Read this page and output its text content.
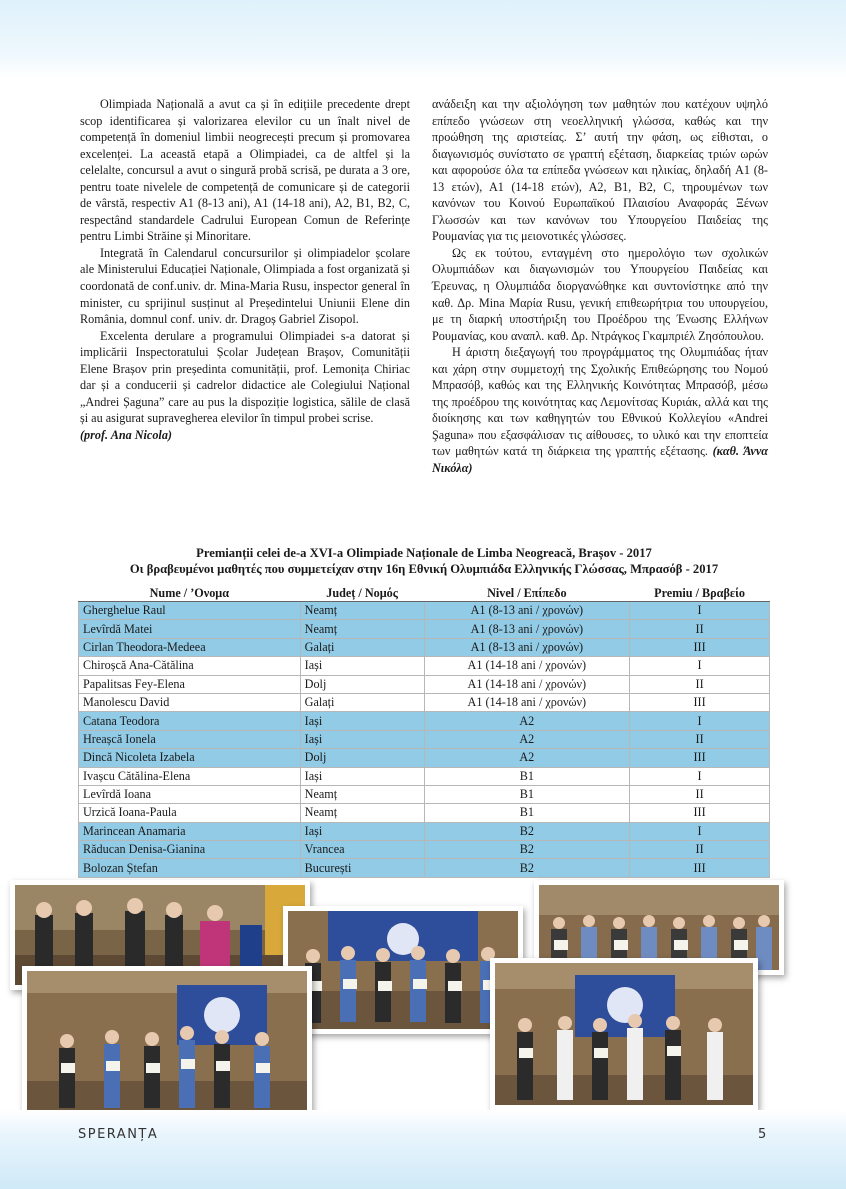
Olimpiada Națională a avut ca și în edițiile precedente drept scop identificarea și valorizarea elevilor cu un înalt nivel de competență în domeniul limbii neogrecești precum și promovarea excelenței. La această etapă a Olimpiadei, ca de altfel și la celelalte, concursul a avut o singură probă scrisă, pe durata a 3 ore, pentru toate nivelele de competență de comunicare și de categorii de vârstă, respectiv A1 (8-13 ani), A1 (14-18 ani), A2, B1, B2, C, respectând standardele Cadrului European Comun de Referințe pentru Limbi Străine și Minoritare.

Integrată în Calendarul concursurilor și olimpiadelor școlare ale Ministerului Educației Naționale, Olimpiada a fost organizată și coordonată de conf.univ. dr. Mina-Maria Rusu, inspector general în minister, cu sprijinul susținut al Președintelui Uniunii Elene din România, domnul conf. univ. dr. Dragoș Gabriel Zisopol.

Excelenta derulare a programului Olimpiadei s-a datorat și implicării Inspectoratului Școlar Județean Brașov, Comunității Elene Brașov prin președinta comunității, prof. Lemonița Chiriac dar și a conducerii și cadrelor didactice ale Colegiului Național „Andrei Șaguna” care au pus la dispoziție logistica, sălile de clasă și au asigurat supravegherea elevilor în timpul probei scrise.
(prof. Ana Nicola)

ανάδειξη και την αξιολόγηση των μαθητών που κατέχουν υψηλό επίπεδο γνώσεων στη νεοελληνική γλώσσα, καθώς και την προώθηση της αριστείας. Σ’ αυτή την φάση, ως είθισται, ο διαγωνισμός συνίστατο σε γραπτή εξέταση, διαρκείας τριών ωρών και αφορούσε όλα τα επίπεδα γνώσεων και ηλικίας, δηλαδή A1 (8-13 ετών), A1 (14-18 ετών), A2, B1, B2, C, τηρουμένων των κανόνων του Κοινού Ευρωπαϊκού Πλαισίου Αναφοράς Ξένων Γλωσσών και των κανόνων του Υπουργείου Παιδείας της Ρουμανίας για τις μειονοτικές γλώσσες.

Ως εκ τούτου, ενταγμένη στο ημερολόγιο των σχολικών Ολυμπιάδων και διαγωνισμών του Υπουργείου Παιδείας και Έρευνας, η Ολυμπιάδα διοργανώθηκε και συντονίστηκε από την καθ. Δρ. Mina Μαρία Rusu, γενική επιθεωρήτρια του υπουργείου, με τη διαρκή υποστήριξη του Προέδρου της Ένωσης Ελλήνων Ρουμανίας, κου αναπλ. καθ. Δρ. Ντράγκος Γκαμπριέλ Ζησόπουλου.

Η άριστη διεξαγωγή του προγράμματος της Ολυμπιάδας ήταν και χάρη στην συμμετοχή της Σχολικής Επιθεώρησης του Νομού Μπρασόβ, καθώς και της Ελληνικής Κοινότητας Μπρασόβ, μέσω της προέδρου της κοινότητας κας Λεμονίτσας Κυριάκ, αλλά και της διοίκησης και των καθηγητών του Εθνικού Κολλεγίου «Andrei Şaguna» που εξασφάλισαν τις αίθουσες, το υλικό και την εποπτεία των μαθητών κατά τη διάρκεια της γραπτής εξέτασης. (καθ. Άννα Νικόλα)

Premianții celei de-a XVI-a Olimpiade Naționale de Limba Neogreacă, Brașov - 2017
Οι βραβευμένοι μαθητές που συμμετείχαν στην 16η Εθνική Ολυμπιάδα Ελληνικής Γλώσσας, Μπρασόβ - 2017
Nume / ’Ονομα	Județ / Νομός	Nivel / Επίπεδο	Premiu / Βραβείο
Gherghelue Raul	Neamț	A1 (8-13 ani / χρονών)	I
Levîrdă Matei	Neamț	A1 (8-13 ani / χρονών)	II
Cirlan Theodora-Medeea	Galați	A1 (8-13 ani / χρονών)	III
Chiroșcă Ana-Cătălina	Iași	A1 (14-18 ani / χρονών)	I
Papalitsas Fey-Elena	Dolj	A1 (14-18 ani / χρονών)	II
Manolescu David	Galați	A1 (14-18 ani / χρονών)	III
Catana Teodora	Iași	A2	I
Hreașcă Ionela	Iași	A2	II
Dincă Nicoleta Izabela	Dolj	A2	III
Ivașcu Cătălina-Elena	Iași	B1	I
Levîrdă Ioana	Neamț	B1	II
Urzică Ioana-Paula	Neamț	B1	III
Marincean Anamaria	Iași	B2	I
Răducan Denisa-Gianina	Vrancea	B2	II
Bolozan Ștefan	București	B2	III
SPERANȚA	5
